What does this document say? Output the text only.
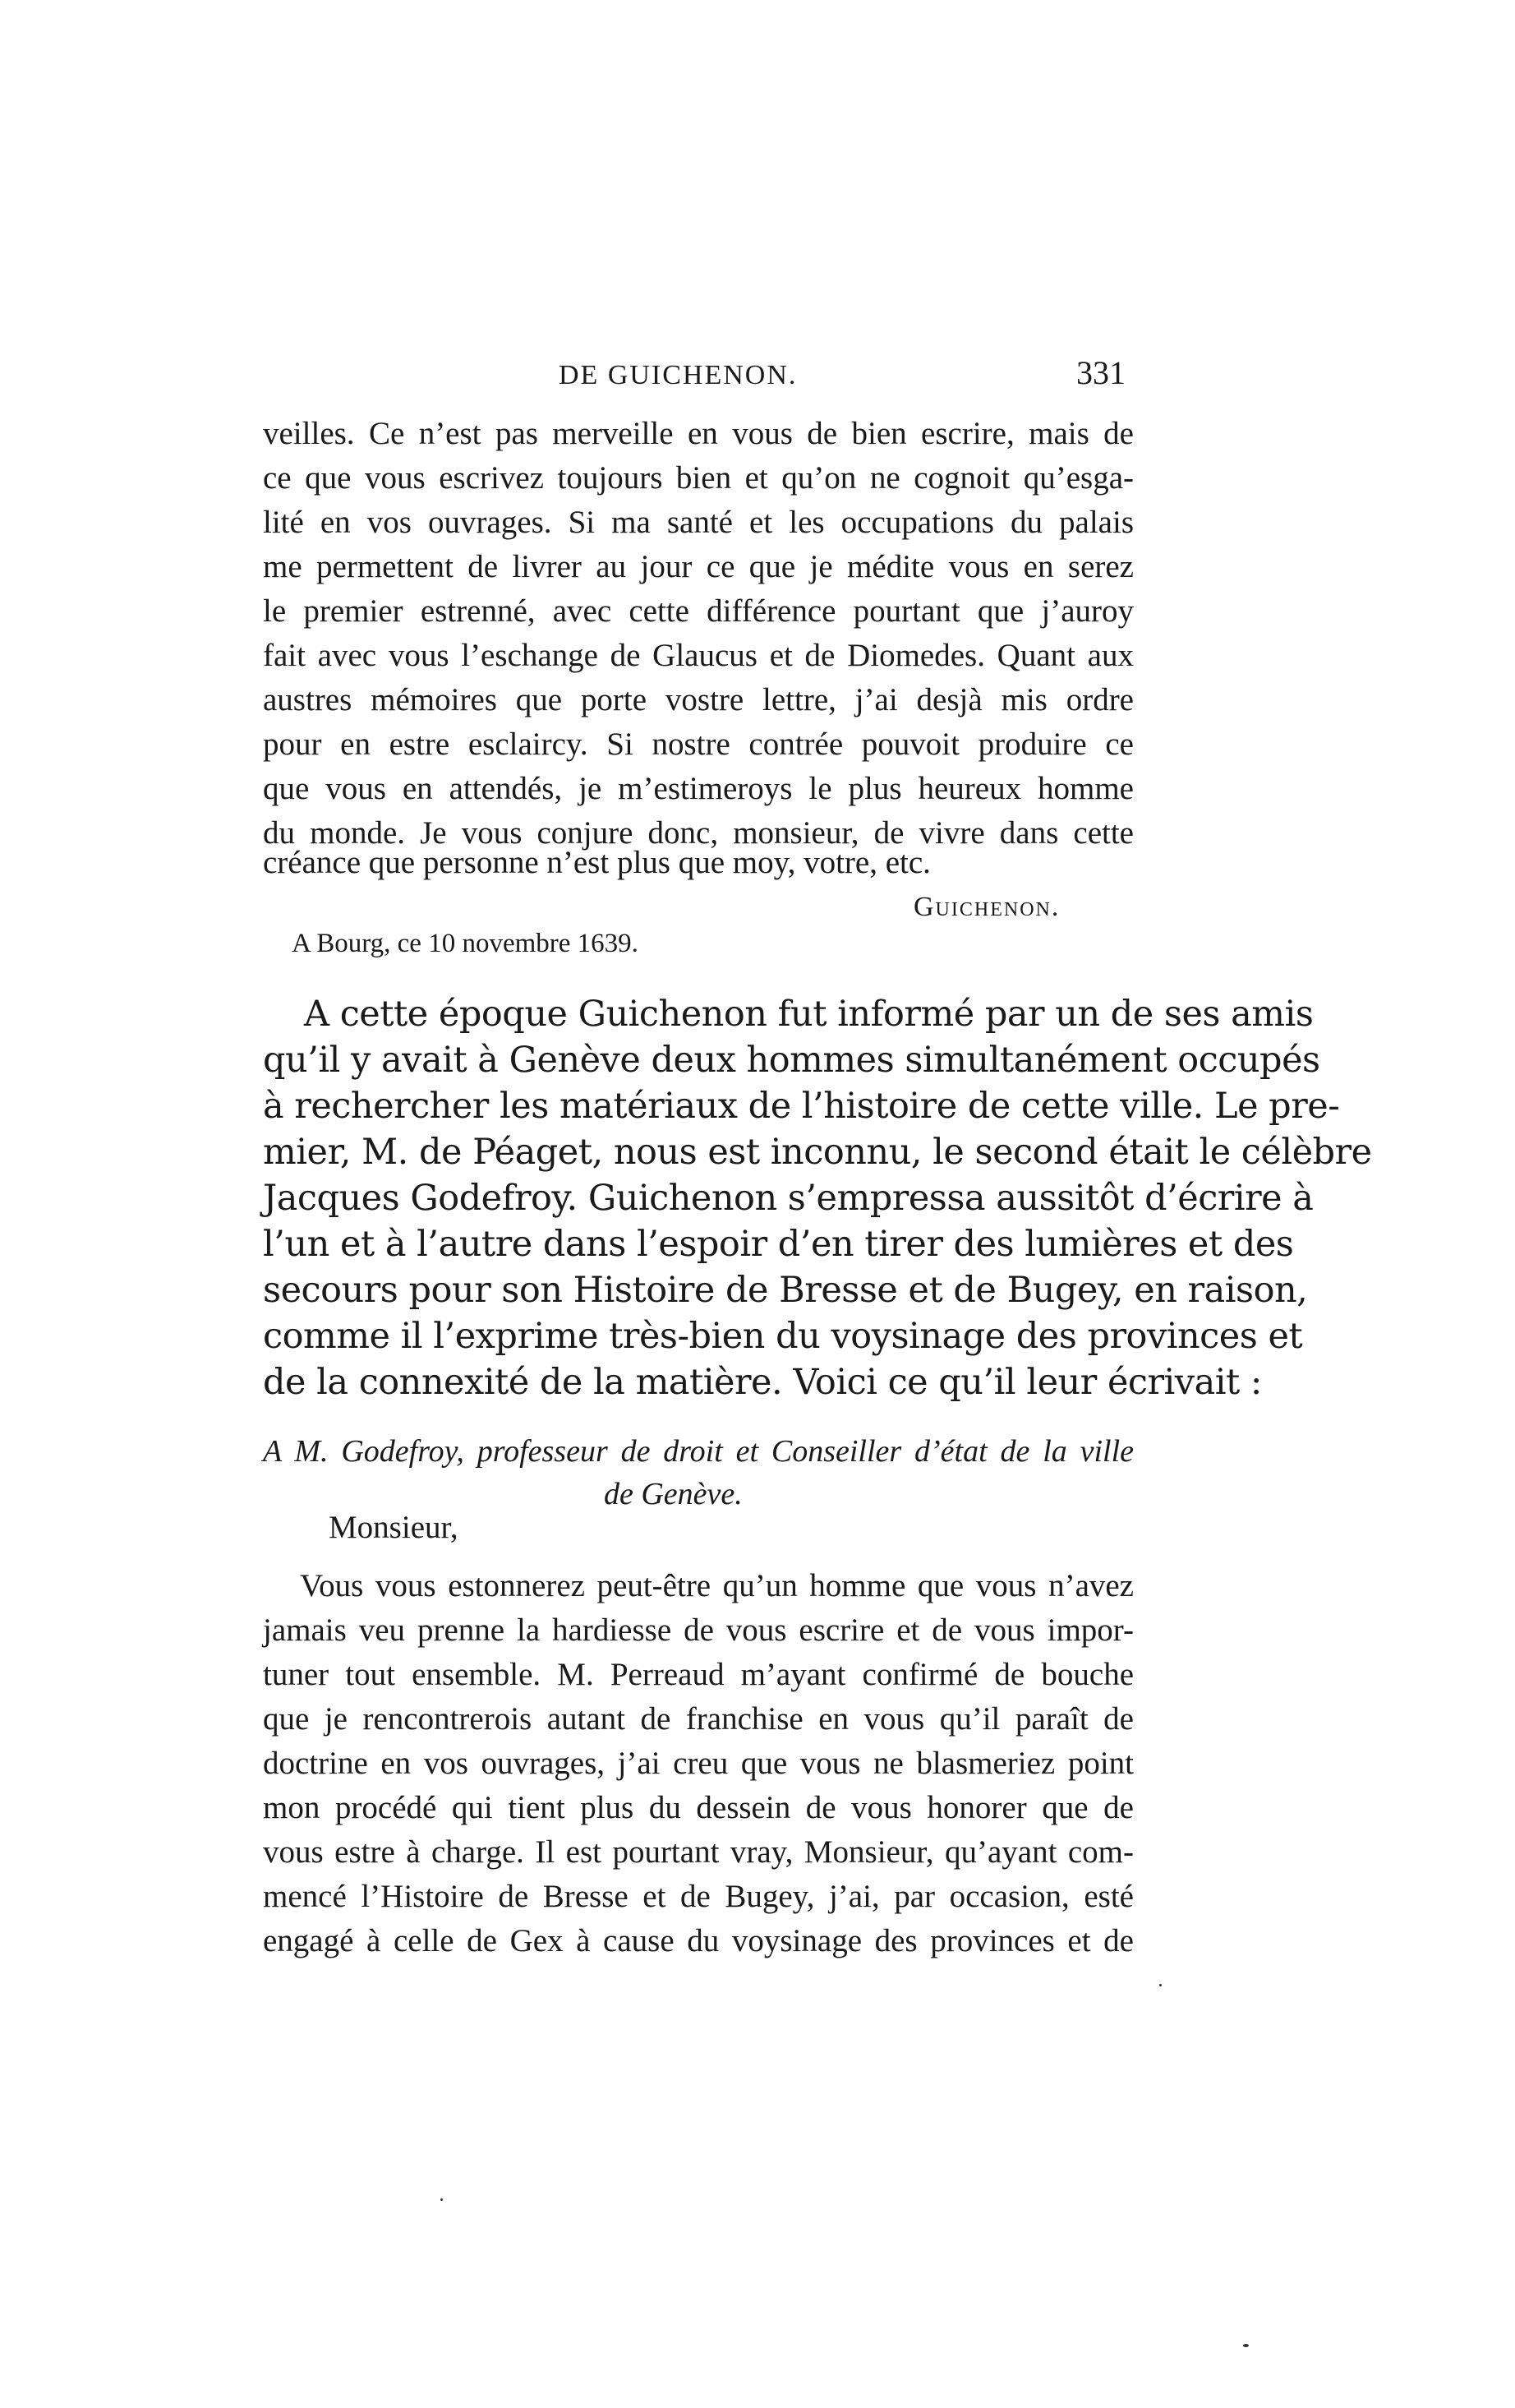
DE GUICHENON.	331
veilles. Ce n’est pas merveille en vous de bien escrire, mais de
ce que vous escrivez toujours bien et qu’on ne cognoit qu’esga-
lité en vos ouvrages. Si ma santé et les occupations du palais
me permettent de livrer au jour ce que je médite vous en serez
le premier estrenné, avec cette différence pourtant que j’auroy
fait avec vous l’eschange de Glaucus et de Diomedes. Quant aux
austres mémoires que porte vostre lettre, j’ai desjà mis ordre
pour en estre esclaircy. Si nostre contrée pouvoit produire ce
que vous en attendés, je m’estimeroys le plus heureux homme
du monde. Je vous conjure donc, monsieur, de vivre dans cette
créance que personne n’est plus que moy, votre, etc.
Guichenon.
A Bourg, ce 10 novembre 1639.
A cette époque Guichenon fut informé par un de ses amis
qu’il y avait à Genève deux hommes simultanément occupés
à rechercher les matériaux de l’histoire de cette ville. Le pre-
mier, M. de Péaget, nous est inconnu, le second était le célèbre
Jacques Godefroy. Guichenon s’empressa aussitôt d’écrire à
l’un et à l’autre dans l’espoir d’en tirer des lumières et des
secours pour son Histoire de Bresse et de Bugey, en raison,
comme il l’exprime très-bien du voysinage des provinces et
de la connexité de la matière. Voici ce qu’il leur écrivait :
A M. Godefroy, professeur de droit et Conseiller d’état de la ville
de Genève.
Monsieur,
Vous vous estonnerez peut-être qu’un homme que vous n’avez
jamais veu prenne la hardiesse de vous escrire et de vous impor-
tuner tout ensemble. M. Perreaud m’ayant confirmé de bouche
que je rencontrerois autant de franchise en vous qu’il paraît de
doctrine en vos ouvrages, j’ai creu que vous ne blasmeriez point
mon procédé qui tient plus du dessein de vous honorer que de
vous estre à charge. Il est pourtant vray, Monsieur, qu’ayant com-
mencé l’Histoire de Bresse et de Bugey, j’ai, par occasion, esté
engagé à celle de Gex à cause du voysinage des provinces et de
